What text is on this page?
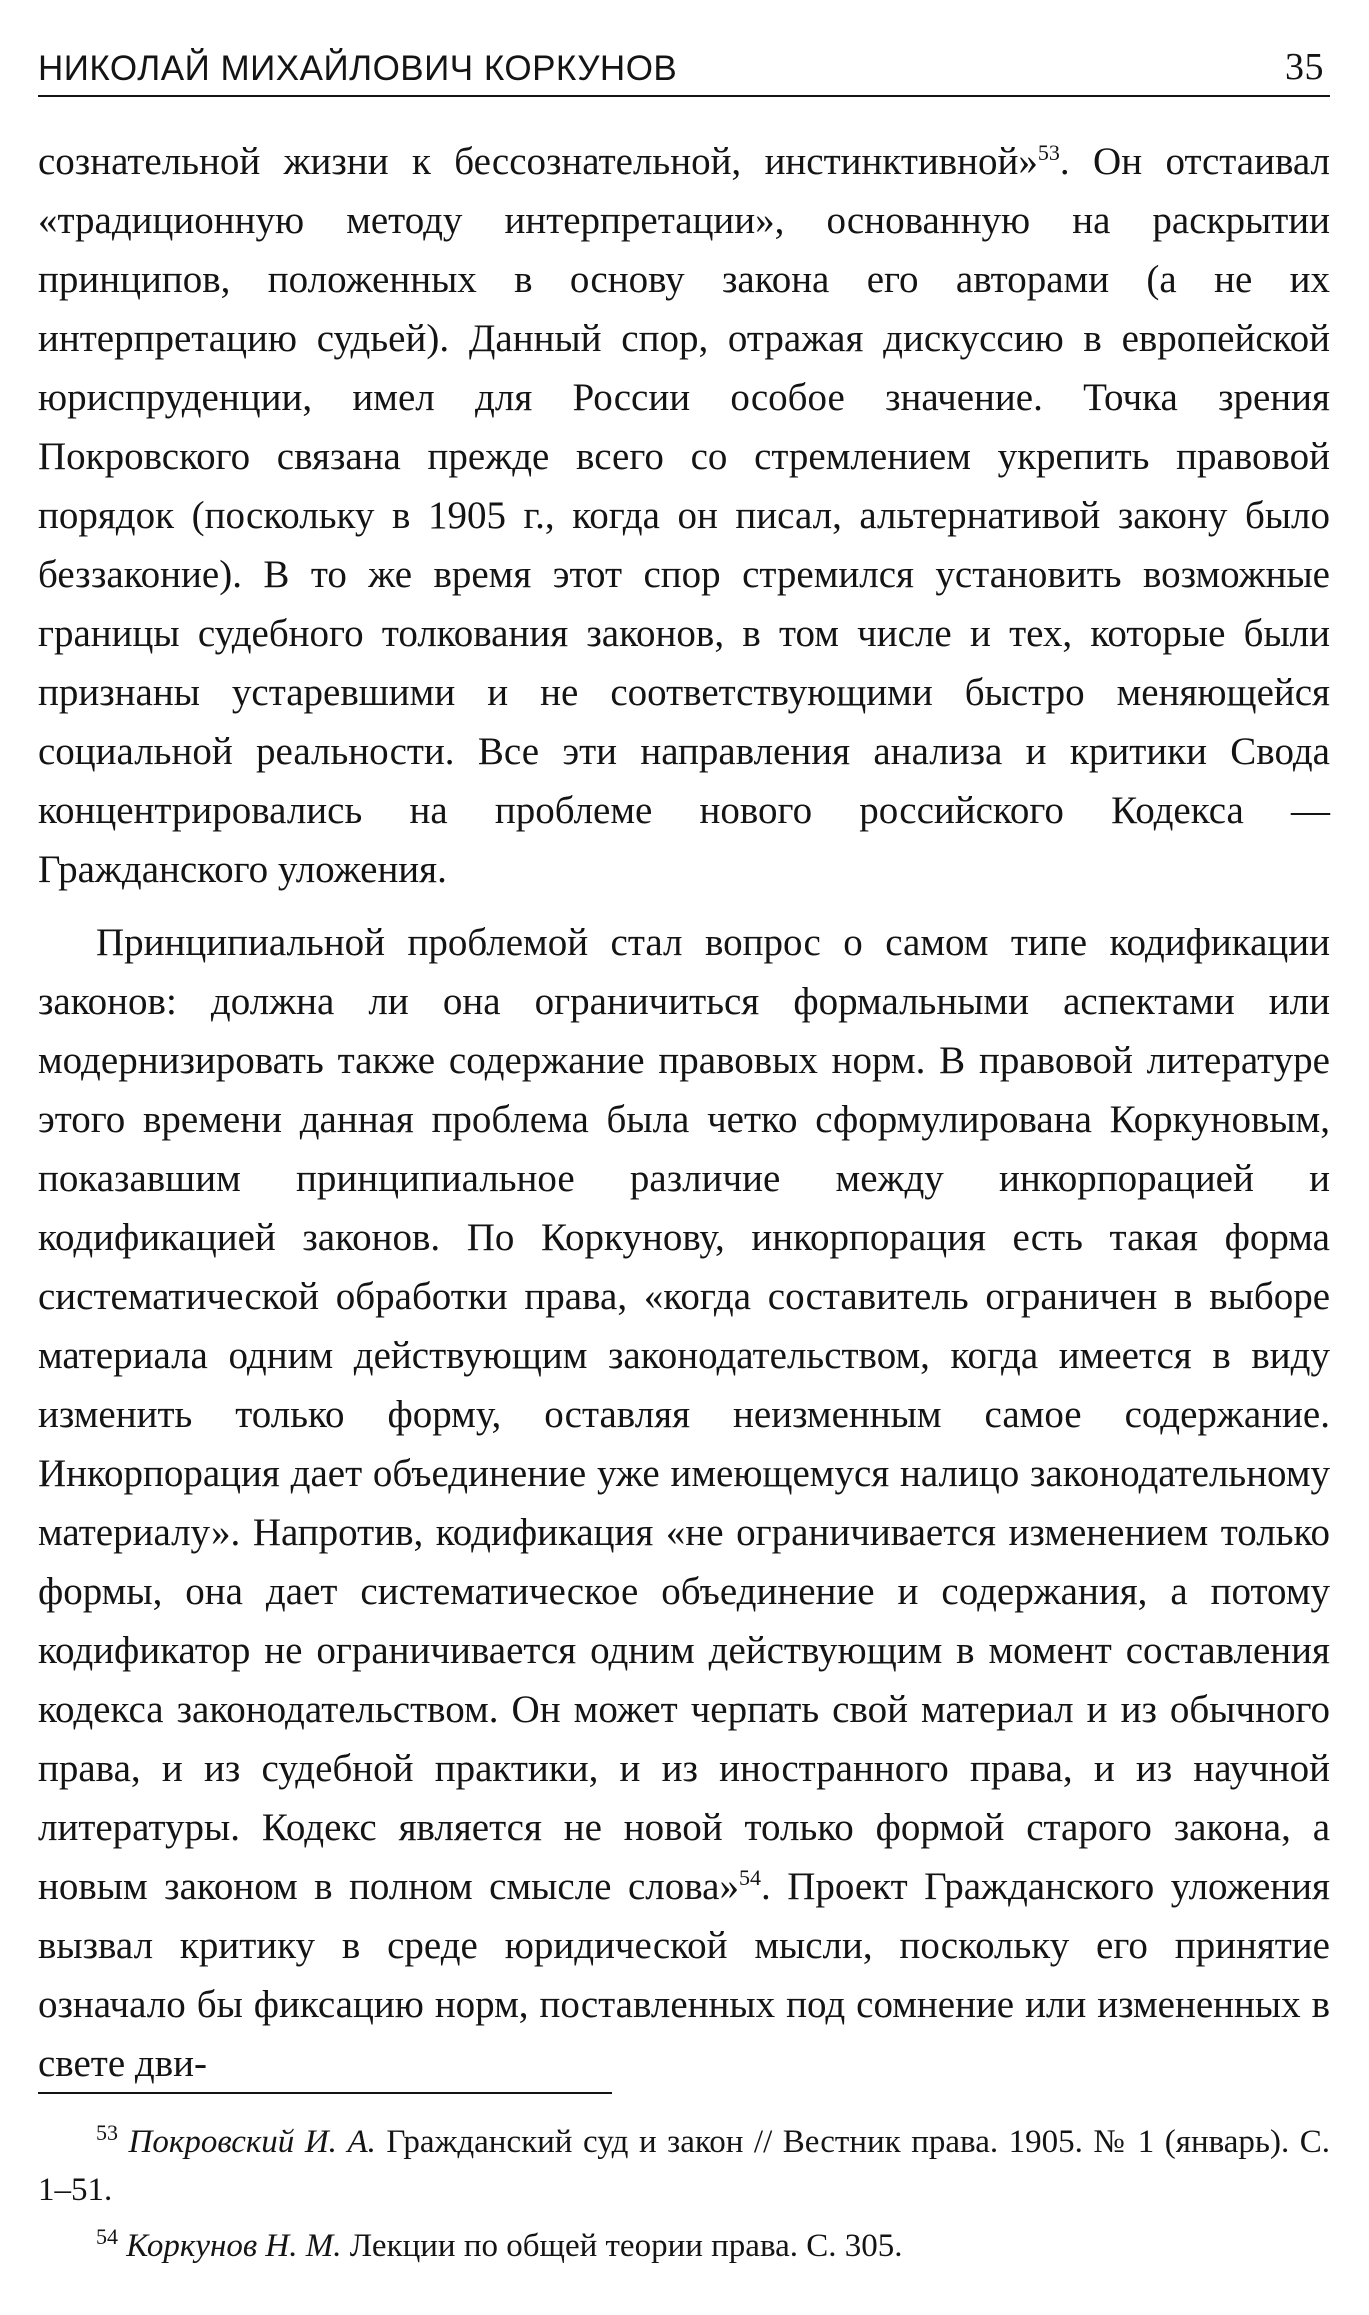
НИКОЛАЙ МИХАЙЛОВИЧ КОРКУНОВ	35

сознательной жизни к бессознательной, инстинктивной»$^{53}$. Он отстаивал «традиционную методу интерпретации», основанную на раскрытии принципов, положенных в основу закона его авторами (а не их интерпретацию судьей). Данный спор, отражая дискуссию в европейской юриспруденции, имел для России особое значение. Точка зрения Покровского связана прежде всего со стремлением укрепить правовой порядок (поскольку в 1905 г., когда он писал, альтернативой закону было беззаконие). В то же время этот спор стремился установить возможные границы судебного толкования законов, в том числе и тех, которые были признаны устаревшими и не соответствующими быстро меняющейся социальной реальности. Все эти направления анализа и критики Свода концентрировались на проблеме нового российского Кодекса — Гражданского уложения.

Принципиальной проблемой стал вопрос о самом типе кодификации законов: должна ли она ограничиться формальными аспектами или модернизировать также содержание правовых норм. В правовой литературе этого времени данная проблема была четко сформулирована Коркуновым, показавшим принципиальное различие между инкорпорацией и кодификацией законов. По Коркунову, инкорпорация есть такая форма систематической обработки права, «когда составитель ограничен в выборе материала одним действующим законодательством, когда имеется в виду изменить только форму, оставляя неизменным самое содержание. Инкорпорация дает объединение уже имеющемуся налицо законодательному материалу». Напротив, кодификация «не ограничивается изменением только формы, она дает систематическое объединение и содержания, а потому кодификатор не ограничивается одним действующим в момент составления кодекса законодательством. Он может черпать свой материал и из обычного права, и из судебной практики, и из иностранного права, и из научной литературы. Кодекс является не новой только формой старого закона, а новым законом в полном смысле слова»$^{54}$. Проект Гражданского уложения вызвал критику в среде юридической мысли, поскольку его принятие означало бы фиксацию норм, поставленных под сомнение или измененных в свете дви-

$^{53}$ Покровский И. А. Гражданский суд и закон // Вестник права. 1905. № 1 (январь). С. 1–51.

$^{54}$ Коркунов Н. М. Лекции по общей теории права. С. 305.
